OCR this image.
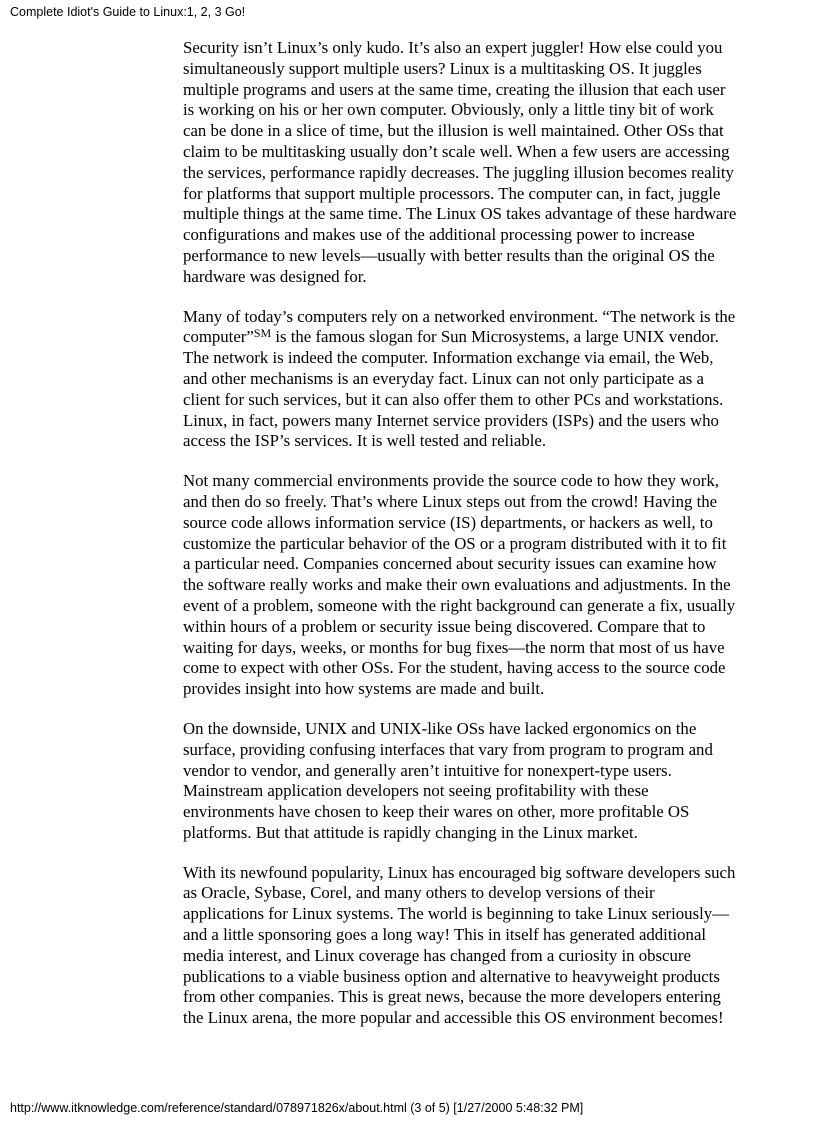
Complete Idiot's Guide to Linux:1, 2, 3 Go!

Security isn’t Linux’s only kudo. It’s also an expert juggler! How else could you simultaneously support multiple users? Linux is a multitasking OS. It juggles multiple programs and users at the same time, creating the illusion that each user is working on his or her own computer. Obviously, only a little tiny bit of work can be done in a slice of time, but the illusion is well maintained. Other OSs that claim to be multitasking usually don’t scale well. When a few users are accessing the services, performance rapidly decreases. The juggling illusion becomes reality for platforms that support multiple processors. The computer can, in fact, juggle multiple things at the same time. The Linux OS takes advantage of these hardware configurations and makes use of the additional processing power to increase performance to new levels—usually with better results than the original OS the hardware was designed for.

Many of today’s computers rely on a networked environment. “The network is the computer”℠ is the famous slogan for Sun Microsystems, a large UNIX vendor. The network is indeed the computer. Information exchange via email, the Web, and other mechanisms is an everyday fact. Linux can not only participate as a client for such services, but it can also offer them to other PCs and workstations. Linux, in fact, powers many Internet service providers (ISPs) and the users who access the ISP’s services. It is well tested and reliable.

Not many commercial environments provide the source code to how they work, and then do so freely. That’s where Linux steps out from the crowd! Having the source code allows information service (IS) departments, or hackers as well, to customize the particular behavior of the OS or a program distributed with it to fit a particular need. Companies concerned about security issues can examine how the software really works and make their own evaluations and adjustments. In the event of a problem, someone with the right background can generate a fix, usually within hours of a problem or security issue being discovered. Compare that to waiting for days, weeks, or months for bug fixes—the norm that most of us have come to expect with other OSs. For the student, having access to the source code provides insight into how systems are made and built.

On the downside, UNIX and UNIX-like OSs have lacked ergonomics on the surface, providing confusing interfaces that vary from program to program and vendor to vendor, and generally aren’t intuitive for nonexpert-type users. Mainstream application developers not seeing profitability with these environments have chosen to keep their wares on other, more profitable OS platforms. But that attitude is rapidly changing in the Linux market.

With its newfound popularity, Linux has encouraged big software developers such as Oracle, Sybase, Corel, and many others to develop versions of their applications for Linux systems. The world is beginning to take Linux seriously—and a little sponsoring goes a long way! This in itself has generated additional media interest, and Linux coverage has changed from a curiosity in obscure publications to a viable business option and alternative to heavyweight products from other companies. This is great news, because the more developers entering the Linux arena, the more popular and accessible this OS environment becomes!

http://www.itknowledge.com/reference/standard/078971826x/about.html (3 of 5) [1/27/2000 5:48:32 PM]
